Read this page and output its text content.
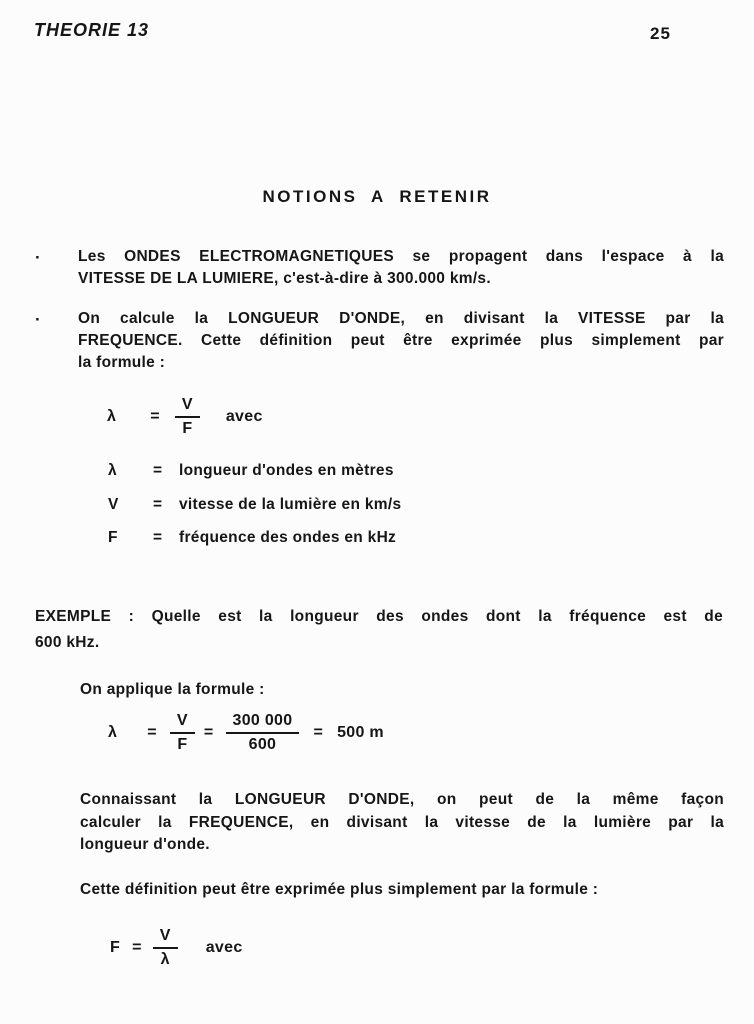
THEORIE 13	25
NOTIONS A RETENIR
· Les ONDES ELECTROMAGNETIQUES se propagent dans l'espace à la
VITESSE DE LA LUMIERE, c'est-à-dire à 300.000 km/s.
· On calcule la LONGUEUR D'ONDE, en divisant la VITESSE par la
FREQUENCE. Cette définition peut être exprimée plus simplement par
la formule :
$\lambda = \frac{V}{F}$ avec
λ	=	longueur d'ondes en mètres
V	=	vitesse de la lumière en km/s
F	=	fréquence des ondes en kHz
EXEMPLE : Quelle est la longueur des ondes dont la fréquence est de
600 kHz.
On applique la formule :
$\lambda = \frac{V}{F} = \frac{300 000}{600} = 500$ m
Connaissant la LONGUEUR D'ONDE, on peut de la même façon
calculer la FREQUENCE, en divisant la vitesse de la lumière par la
longueur d'onde.
Cette définition peut être exprimée plus simplement par la formule :
$F = \frac{V}{\lambda}$ avec
